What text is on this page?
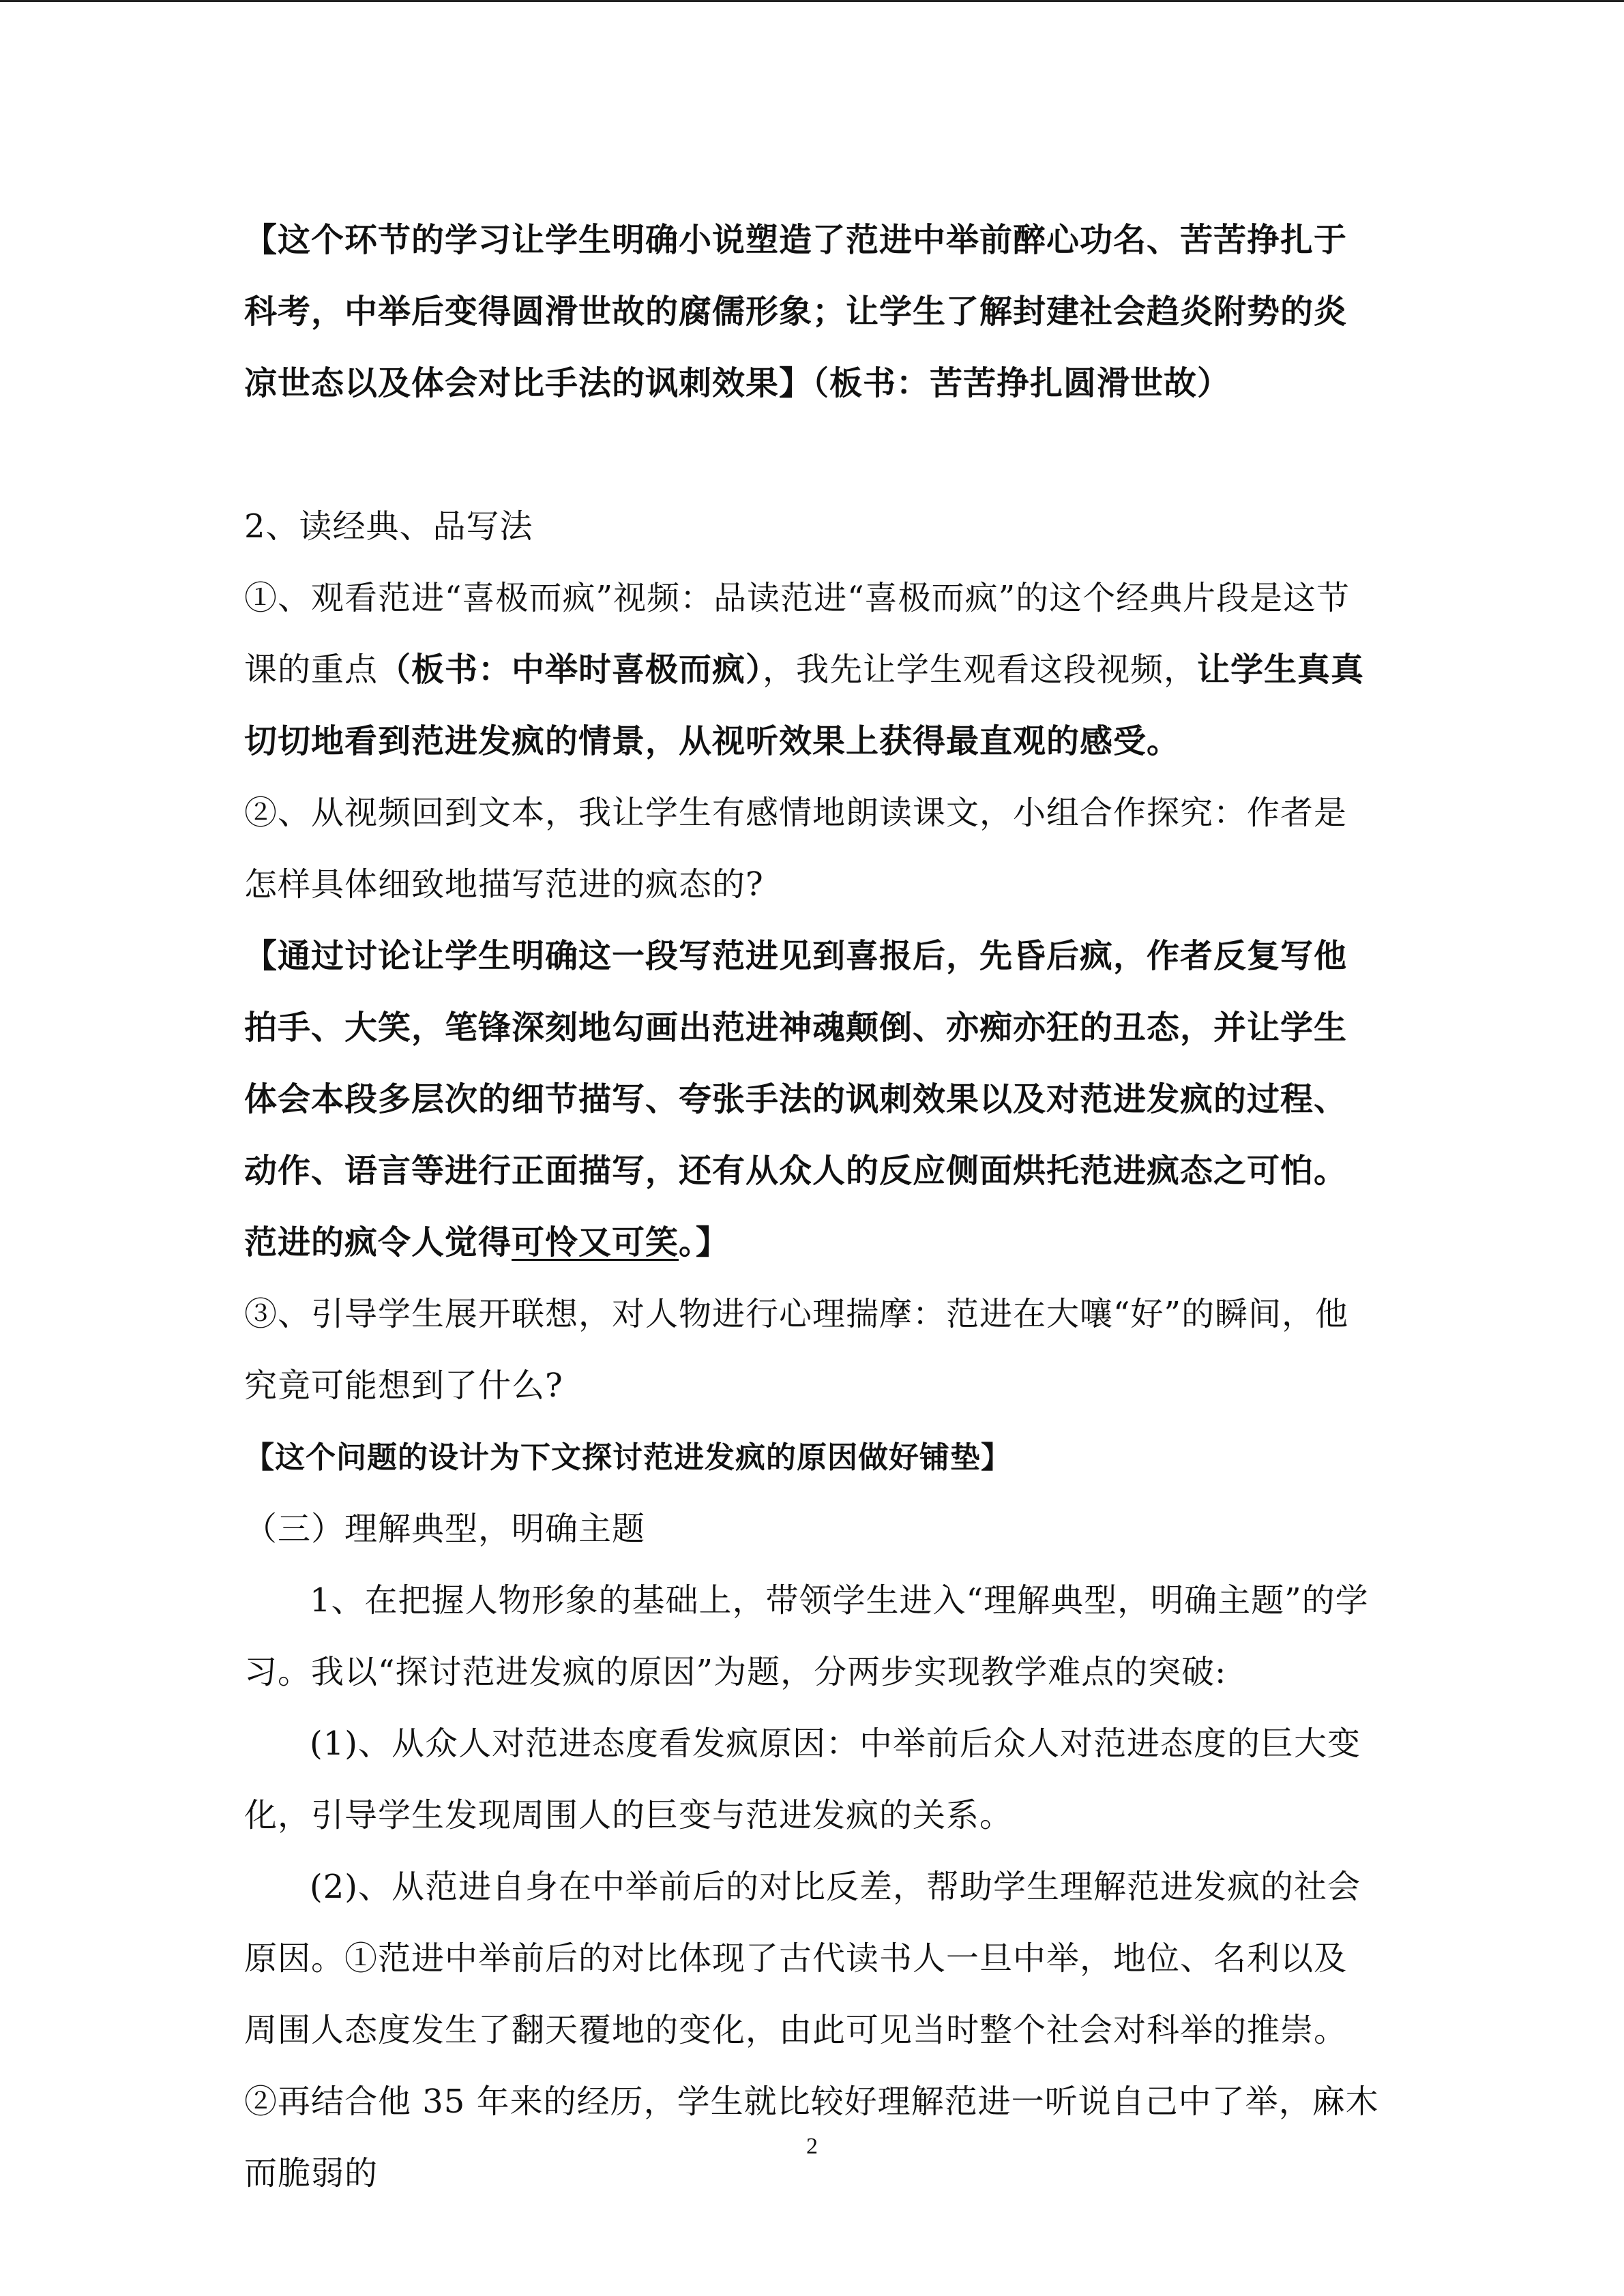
【这个环节的学习让学生明确小说塑造了范进中举前醉心功名、苦苦挣扎于科考，中举后变得圆滑世故的腐儒形象；让学生了解封建社会趋炎附势的炎凉世态以及体会对比手法的讽刺效果】（板书：苦苦挣扎圆滑世故）

2、读经典、品写法

①、观看范进“喜极而疯”视频：品读范进“喜极而疯”的这个经典片段是这节课的重点（板书：中举时喜极而疯），我先让学生观看这段视频，让学生真真切切地看到范进发疯的情景，从视听效果上获得最直观的感受。

②、从视频回到文本，我让学生有感情地朗读课文，小组合作探究：作者是怎样具体细致地描写范进的疯态的?

【通过讨论让学生明确这一段写范进见到喜报后，先昏后疯，作者反复写他拍手、大笑，笔锋深刻地勾画出范进神魂颠倒、亦痴亦狂的丑态，并让学生体会本段多层次的细节描写、夸张手法的讽刺效果以及对范进发疯的过程、动作、语言等进行正面描写，还有从众人的反应侧面烘托范进疯态之可怕。范进的疯令人觉得可怜又可笑。】

③、引导学生展开联想，对人物进行心理揣摩：范进在大嚷“好”的瞬间，他究竟可能想到了什么?

【这个问题的设计为下文探讨范进发疯的原因做好铺垫】

（三）理解典型，明确主题

1、在把握人物形象的基础上，带领学生进入“理解典型，明确主题”的学习。我以“探讨范进发疯的原因”为题，分两步实现教学难点的突破:

(1)、从众人对范进态度看发疯原因：中举前后众人对范进态度的巨大变化，引导学生发现周围人的巨变与范进发疯的关系。

(2)、从范进自身在中举前后的对比反差，帮助学生理解范进发疯的社会原因。①范进中举前后的对比体现了古代读书人一旦中举，地位、名利以及周围人态度发生了翻天覆地的变化，由此可见当时整个社会对科举的推崇。②再结合他 35 年来的经历，学生就比较好理解范进一听说自己中了举，麻木而脆弱的

2
